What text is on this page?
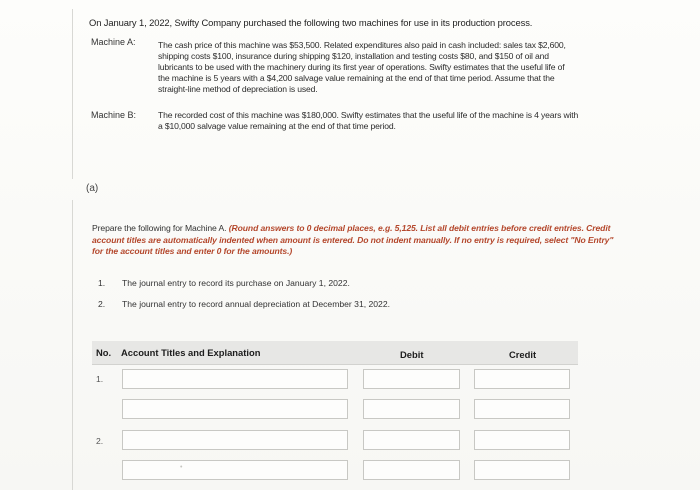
On January 1, 2022, Swifty Company purchased the following two machines for use in its production process.
Machine A:	The cash price of this machine was $53,500. Related expenditures also paid in cash included: sales tax $2,600,
shipping costs $100, insurance during shipping $120, installation and testing costs $80, and $150 of oil and
lubricants to be used with the machinery during its first year of operations. Swifty estimates that the useful life of
the machine is 5 years with a $4,200 salvage value remaining at the end of that time period. Assume that the
straight-line method of depreciation is used.
Machine B:	The recorded cost of this machine was $180,000. Swifty estimates that the useful life of the machine is 4 years with
a $10,000 salvage value remaining at the end of that time period.
(a)
Prepare the following for Machine A. (Round answers to 0 decimal places, e.g. 5,125. List all debit entries before credit entries. Credit account titles are automatically indented when amount is entered. Do not indent manually. If no entry is required, select "No Entry" for the account titles and enter 0 for the amounts.)
1. The journal entry to record its purchase on January 1, 2022.
2. The journal entry to record annual depreciation at December 31, 2022.
No. Account Titles and Explanation	Debit	Credit
1.
2.
•
